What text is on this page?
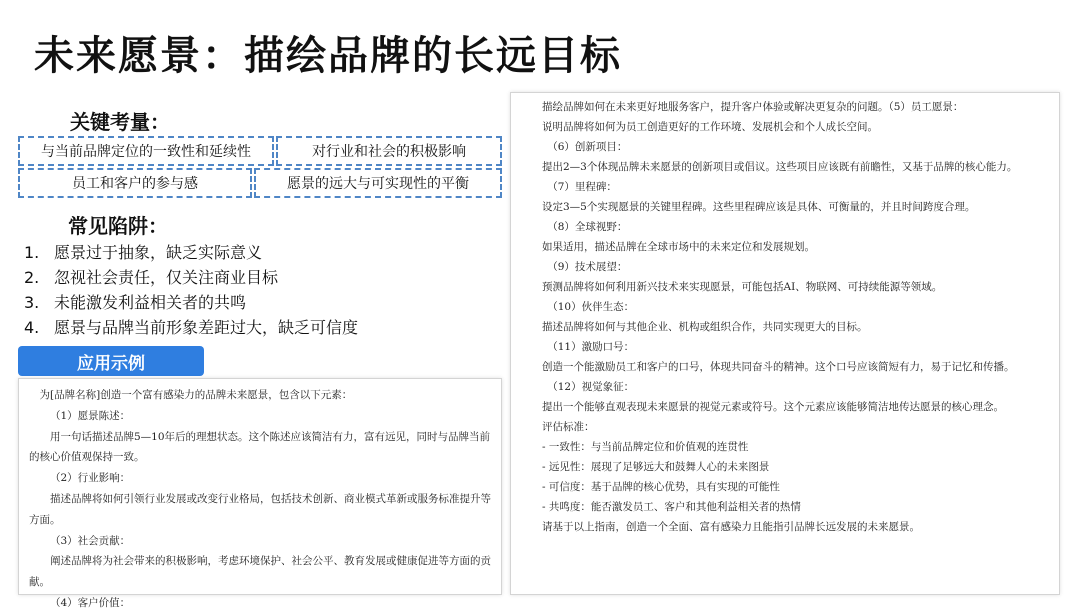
未来愿景：描绘品牌的长远目标
关键考量：
与当前品牌定位的一致性和延续性	对行业和社会的积极影响
员工和客户的参与感	愿景的远大与可实现性的平衡
常见陷阱：
1. 愿景过于抽象，缺乏实际意义
2. 忽视社会责任，仅关注商业目标
3. 未能激发利益相关者的共鸣
4. 愿景与品牌当前形象差距过大，缺乏可信度
应用示例

为[品牌名称]创造一个富有感染力的品牌未来愿景，包含以下元素：

（1）愿景陈述：

用一句话描述品牌5—10年后的理想状态。这个陈述应该简洁有力，富有远见，同时与品牌当前的核心价值观保持一致。

（2）行业影响：

描述品牌将如何引领行业发展或改变行业格局，包括技术创新、商业模式革新或服务标准提升等方面。

（3）社会贡献：

阐述品牌将为社会带来的积极影响，考虑环境保护、社会公平、教育发展或健康促进等方面的贡献。

（4）客户价值：

描绘品牌如何在未来更好地服务客户，提升客户体验或解决更复杂的问题。（5）员工愿景：

说明品牌将如何为员工创造更好的工作环境、发展机会和个人成长空间。

（6）创新项目：

提出2—3个体现品牌未来愿景的创新项目或倡议。这些项目应该既有前瞻性，又基于品牌的核心能力。

（7）里程碑：

设定3—5个实现愿景的关键里程碑。这些里程碑应该是具体、可衡量的，并且时间跨度合理。

（8）全球视野：

如果适用，描述品牌在全球市场中的未来定位和发展规划。

（9）技术展望：

预测品牌将如何利用新兴技术来实现愿景，可能包括AI、物联网、可持续能源等领域。

（10）伙伴生态：

描述品牌将如何与其他企业、机构或组织合作，共同实现更大的目标。

（11）激励口号：

创造一个能激励员工和客户的口号，体现共同奋斗的精神。这个口号应该简短有力，易于记忆和传播。

（12）视觉象征：

提出一个能够直观表现未来愿景的视觉元素或符号。这个元素应该能够简洁地传达愿景的核心理念。

评估标准：

- 一致性：与当前品牌定位和价值观的连贯性

- 远见性：展现了足够远大和鼓舞人心的未来图景

- 可信度：基于品牌的核心优势，具有实现的可能性

- 共鸣度：能否激发员工、客户和其他利益相关者的热情

请基于以上指南，创造一个全面、富有感染力且能指引品牌长远发展的未来愿景。
